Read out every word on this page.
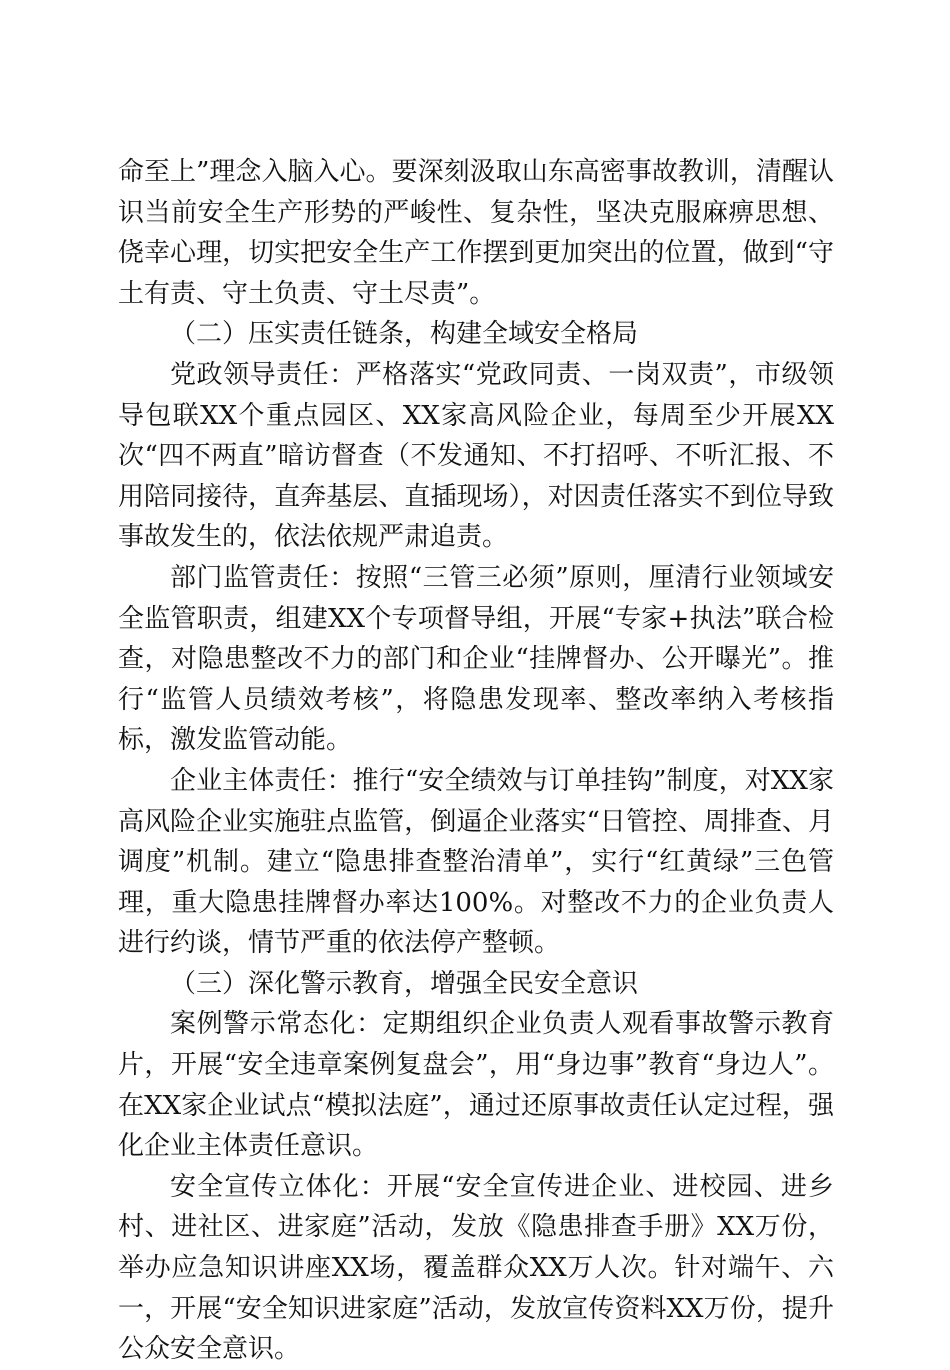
命至上”理念入脑入心。要深刻汲取山东高密事故教训，清醒认识当前安全生产形势的严峻性、复杂性，坚决克服麻痹思想、侥幸心理，切实把安全生产工作摆到更加突出的位置，做到“守土有责、守土负责、守土尽责”。

（二）压实责任链条，构建全域安全格局

党政领导责任：严格落实“党政同责、一岗双责”，市级领导包联XX个重点园区、XX家高风险企业，每周至少开展XX次“四不两直”暗访督查（不发通知、不打招呼、不听汇报、不用陪同接待，直奔基层、直插现场），对因责任落实不到位导致事故发生的，依法依规严肃追责。

部门监管责任：按照“三管三必须”原则，厘清行业领域安全监管职责，组建XX个专项督导组，开展“专家+执法”联合检查，对隐患整改不力的部门和企业“挂牌督办、公开曝光”。推行“监管人员绩效考核”，将隐患发现率、整改率纳入考核指标，激发监管动能。

企业主体责任：推行“安全绩效与订单挂钩”制度，对XX家高风险企业实施驻点监管，倒逼企业落实“日管控、周排查、月调度”机制。建立“隐患排查整治清单”，实行“红黄绿”三色管理，重大隐患挂牌督办率达100%。对整改不力的企业负责人进行约谈，情节严重的依法停产整顿。

（三）深化警示教育，增强全民安全意识

案例警示常态化：定期组织企业负责人观看事故警示教育片，开展“安全违章案例复盘会”，用“身边事”教育“身边人”。在XX家企业试点“模拟法庭”，通过还原事故责任认定过程，强化企业主体责任意识。

安全宣传立体化：开展“安全宣传进企业、进校园、进乡村、进社区、进家庭”活动，发放《隐患排查手册》XX万份，举办应急知识讲座XX场，覆盖群众XX万人次。针对端午、六一，开展“安全知识进家庭”活动，发放宣传资料XX万份，提升公众安全意识。
